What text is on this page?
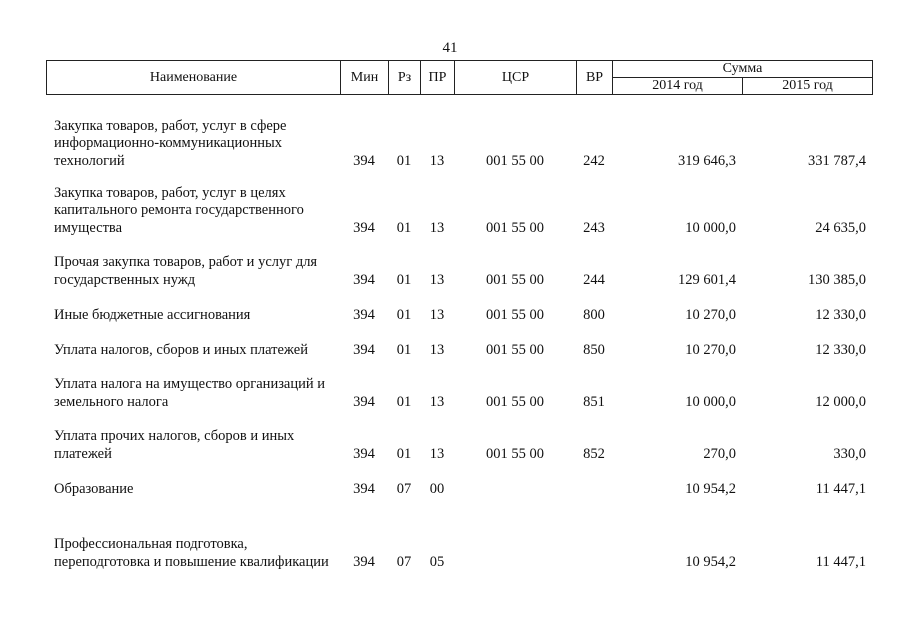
41
Наименование	Мин	Рз	ПР	ЦСР	ВР	Сумма	
						2014 год	2015 год
Закупка товаров, работ, услуг в сфере информационно-коммуникационных технологий	394	01	13	001 55 00	242	319 646,3	331 787,4
Закупка товаров, работ, услуг в целях капитального ремонта государственного имущества	394	01	13	001 55 00	243	10 000,0	24 635,0
Прочая закупка товаров, работ и услуг для государственных нужд	394	01	13	001 55 00	244	129 601,4	130 385,0
Иные бюджетные ассигнования	394	01	13	001 55 00	800	10 270,0	12 330,0
Уплата налогов, сборов и иных платежей	394	01	13	001 55 00	850	10 270,0	12 330,0
Уплата налога на имущество организаций и земельного налога	394	01	13	001 55 00	851	10 000,0	12 000,0
Уплата прочих налогов, сборов и иных платежей	394	01	13	001 55 00	852	270,0	330,0
Образование	394	07	00			10 954,2	11 447,1
Профессиональная подготовка, переподготовка и повышение квалификации	394	07	05			10 954,2	11 447,1
